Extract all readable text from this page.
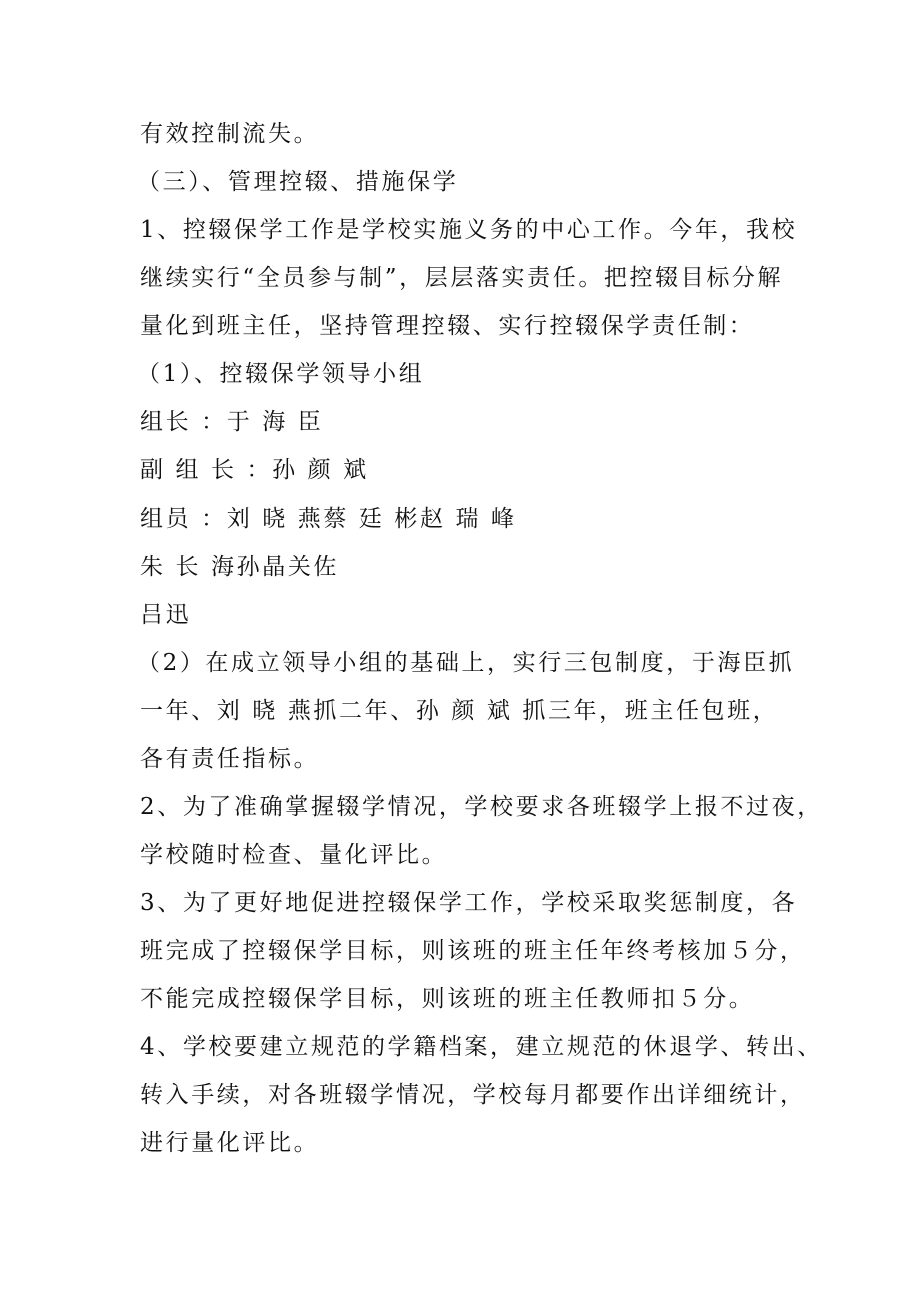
有效控制流失。
（三）、管理控辍、措施保学
1、控辍保学工作是学校实施义务的中心工作。今年，我校
继续实行“全员参与制”，层层落实责任。把控辍目标分解
量化到班主任，坚持管理控辍、实行控辍保学责任制：
（1）、控辍保学领导小组
组长 ：于 海 臣
副 组 长 ：孙 颜 斌
组员 ：刘 晓 燕蔡 廷 彬赵 瑞 峰
朱 长 海孙晶关佐
吕迅
（2）在成立领导小组的基础上，实行三包制度，于海臣抓
一年、刘 晓 燕抓二年、孙 颜 斌 抓三年，班主任包班，
各有责任指标。
2、为了准确掌握辍学情况，学校要求各班辍学上报不过夜，
学校随时检查、量化评比。
3、为了更好地促进控辍保学工作，学校采取奖惩制度，各
班完成了控辍保学目标，则该班的班主任年终考核加５分，
不能完成控辍保学目标，则该班的班主任教师扣５分。
4、学校要建立规范的学籍档案，建立规范的休退学、转出、
转入手续，对各班辍学情况，学校每月都要作出详细统计，
进行量化评比。
